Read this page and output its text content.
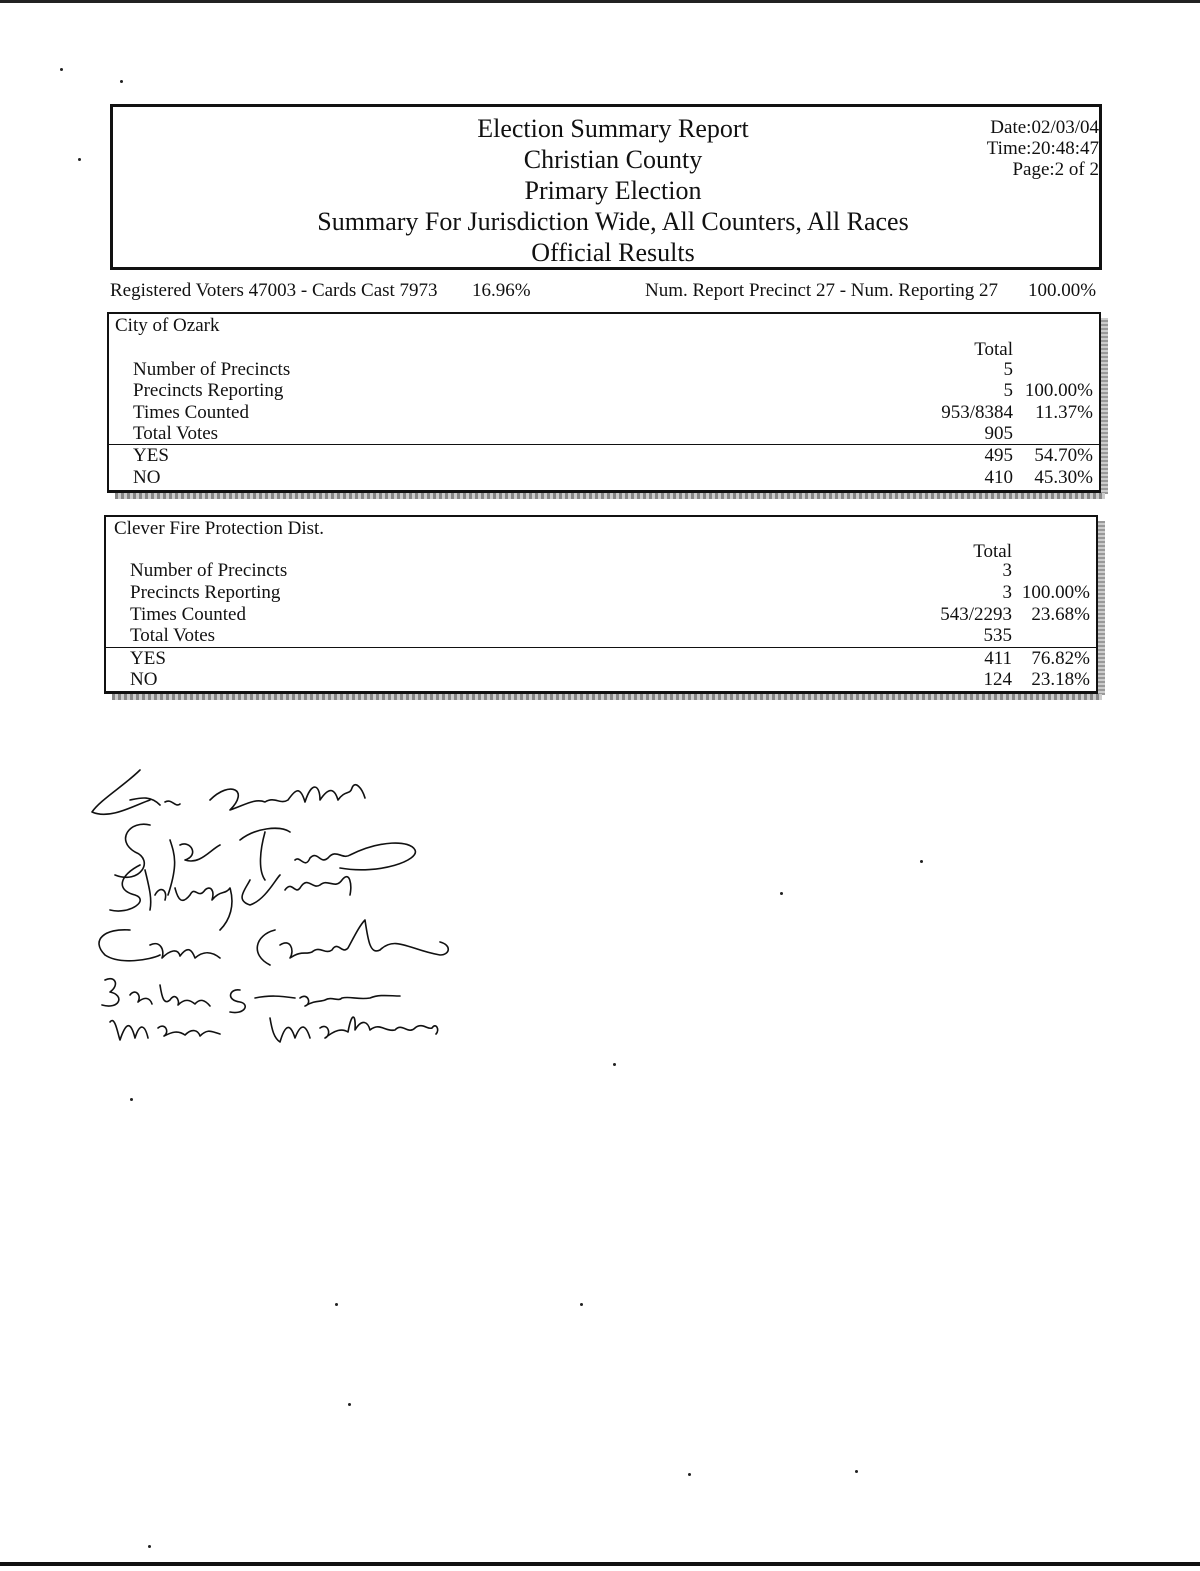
Election Summary Report
Christian County
Primary Election
Summary For Jurisdiction Wide, All Counters, All Races
Official Results
Date:02/03/04
Time:20:48:47
Page:2 of 2
Registered Voters 47003 - Cards Cast 7973 16.96%	Num. Report Precinct 27 - Num. Reporting 27 100.00%
City of Ozark
Total
Number of Precincts	5
Precincts Reporting	5 100.00%
Times Counted	953/8384 11.37%
Total Votes	905
YES	495 54.70%
NO	410 45.30%
Clever Fire Protection Dist.
Total
Number of Precincts	3
Precincts Reporting	3 100.00%
Times Counted	543/2293 23.68%
Total Votes	535
YES	411 76.82%
NO	124 23.18%
